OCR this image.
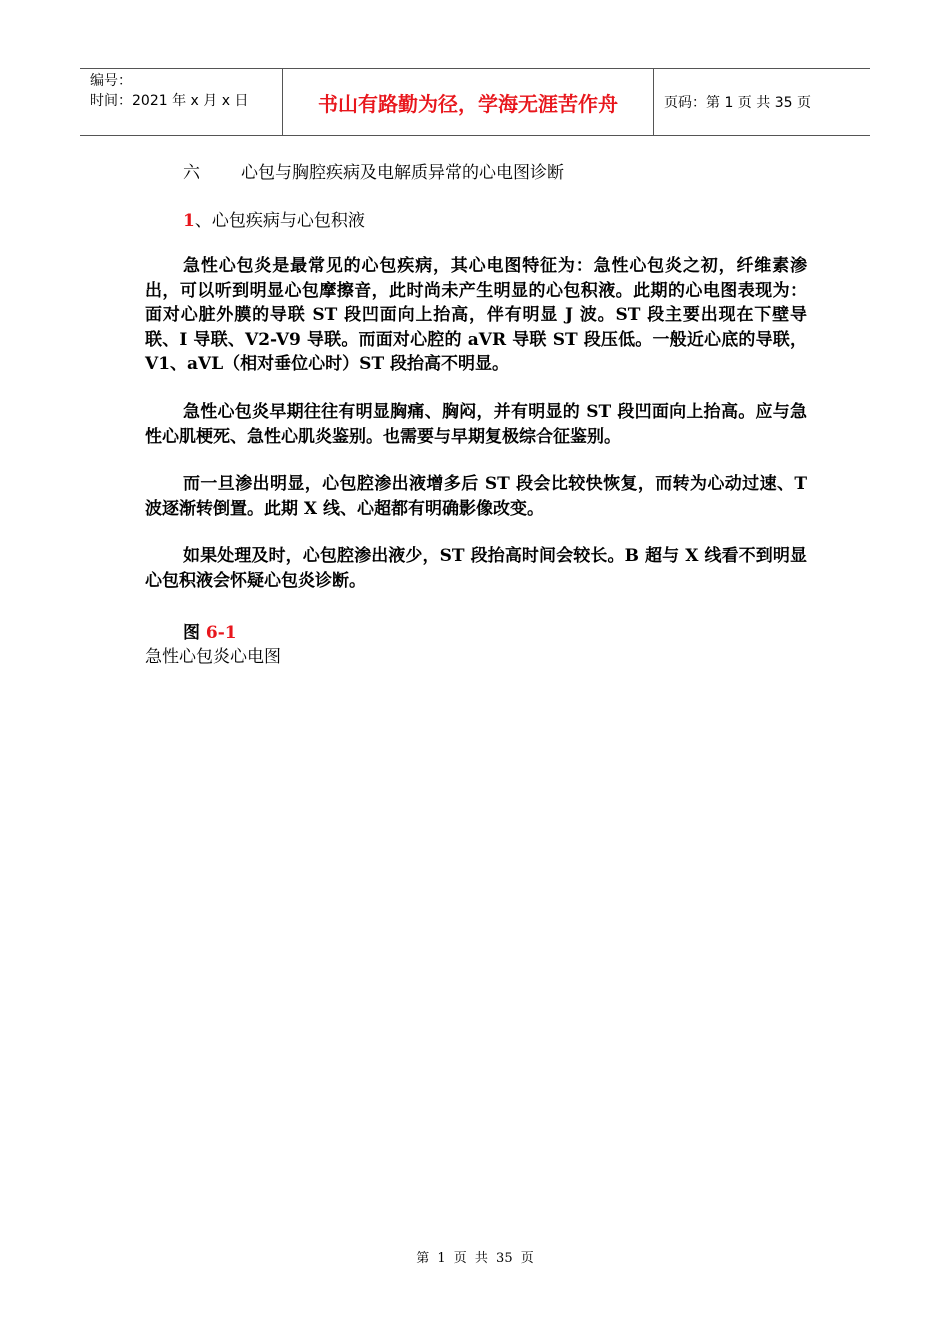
编号：
时间：2021 年 x 月 x 日	书山有路勤为径，学海无涯苦作舟	页码：第 1 页 共 35 页
六 心包与胸腔疾病及电解质异常的心电图诊断
1、心包疾病与心包积液
急性心包炎是最常见的心包疾病，其心电图特征为：急性心包炎之初，纤维素渗出，可以听到明显心包摩擦音，此时尚未产生明显的心包积液。此期的心电图表现为：面对心脏外膜的导联 ST 段凹面向上抬高，伴有明显 J 波。ST 段主要出现在下壁导联、I 导联、V2-V9 导联。而面对心腔的 aVR 导联 ST 段压低。一般近心底的导联，V1、aVL（相对垂位心时）ST 段抬高不明显。
急性心包炎早期往往有明显胸痛、胸闷，并有明显的 ST 段凹面向上抬高。应与急性心肌梗死、急性心肌炎鉴别。也需要与早期复极综合征鉴别。
而一旦渗出明显，心包腔渗出液增多后 ST 段会比较快恢复，而转为心动过速、T 波逐渐转倒置。此期 X 线、心超都有明确影像改变。
如果处理及时，心包腔渗出液少，ST 段抬高时间会较长。B 超与 X 线看不到明显心包积液会怀疑心包炎诊断。
图 6-1
急性心包炎心电图
第 1 页 共 35 页
